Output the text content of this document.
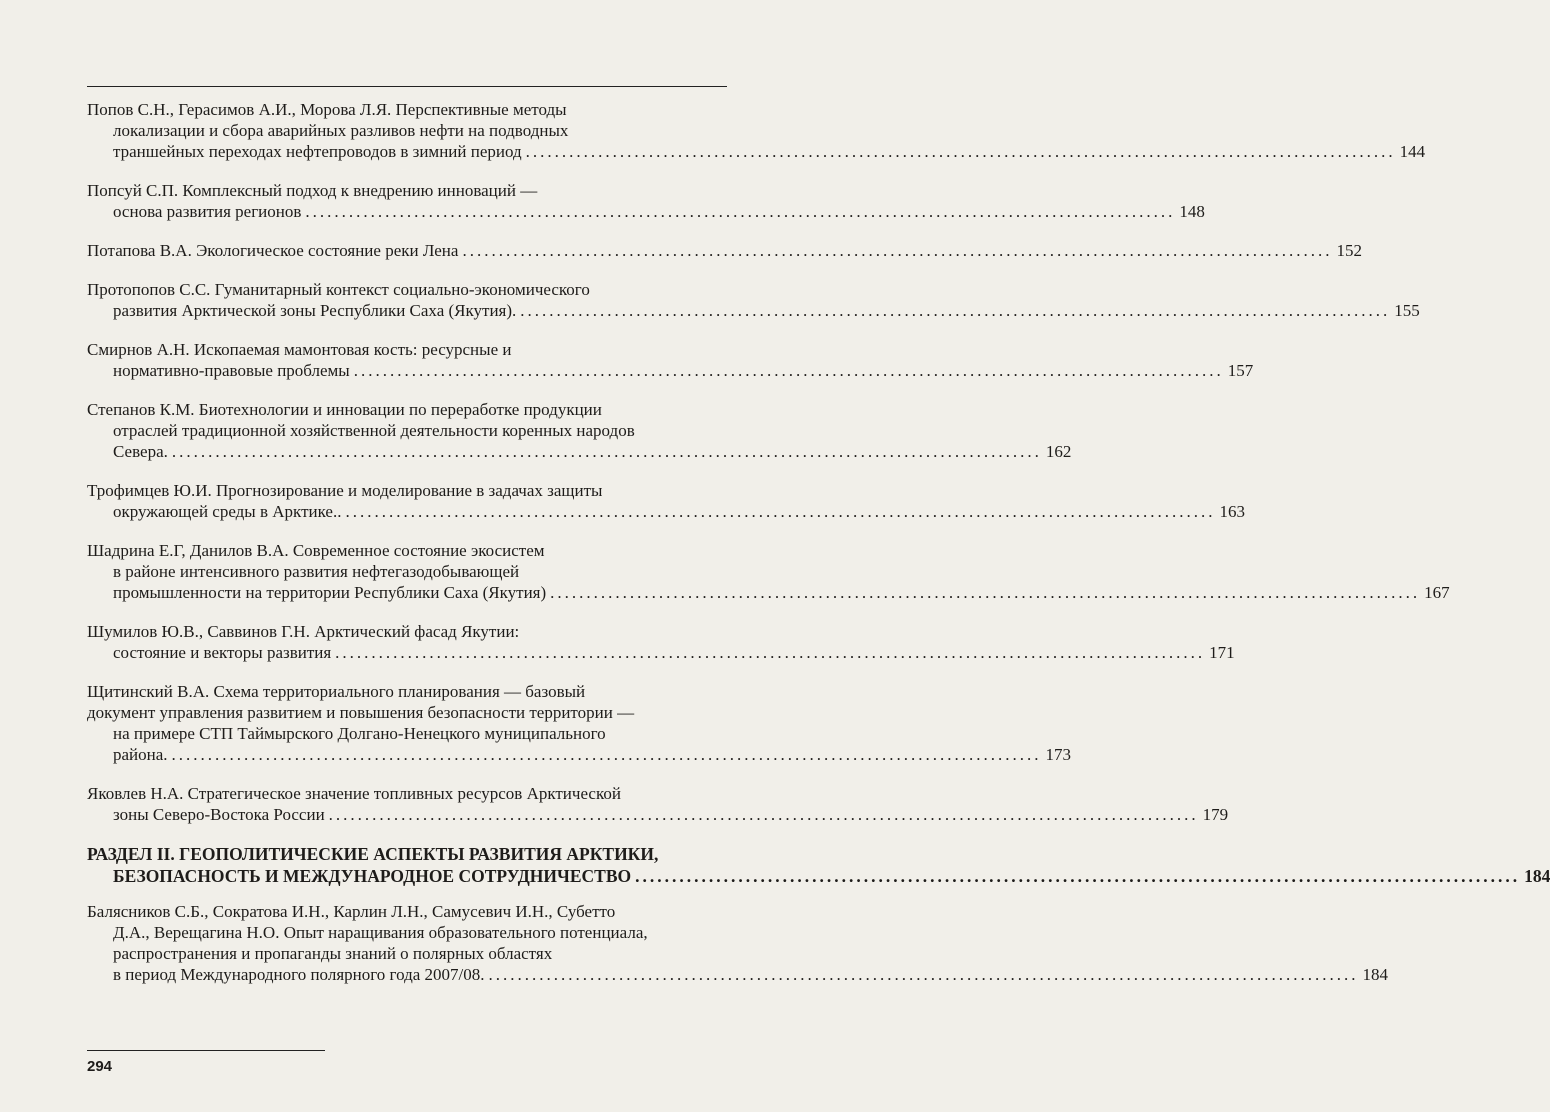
Попов С.Н., Герасимов А.И., Морова Л.Я. Перспективные методы
локализации и сбора аварийных разливов нефти на подводных
траншейных переходах нефтепроводов в зимний период ........................................................................................................................ 144
Попсуй С.П. Комплексный подход к внедрению инноваций —
основа развития регионов ........................................................................................................................ 148
Потапова В.А. Экологическое состояние реки Лена ........................................................................................................................ 152
Протопопов С.С. Гуманитарный контекст социально-экономического
развития Арктической зоны Республики Саха (Якутия). ........................................................................................................................ 155
Смирнов А.Н. Ископаемая мамонтовая кость: ресурсные и
нормативно-правовые проблемы ........................................................................................................................ 157
Степанов К.М. Биотехнологии и инновации по переработке продукции
отраслей традиционной хозяйственной деятельности коренных народов
Севера. ........................................................................................................................ 162
Трофимцев Ю.И. Прогнозирование и моделирование в задачах защиты
окружающей среды в Арктике.. ........................................................................................................................ 163
Шадрина Е.Г, Данилов В.А. Современное состояние экосистем
в районе интенсивного развития нефтегазодобывающей
промышленности на территории Республики Саха (Якутия) ........................................................................................................................ 167
Шумилов Ю.В., Саввинов Г.Н. Арктический фасад Якутии:
состояние и векторы развития ........................................................................................................................ 171
Щитинский В.А. Схема территориального планирования — базовый
документ управления развитием и повышения безопасности территории —
на примере СТП Таймырского Долгано-Ненецкого муниципального
района. ........................................................................................................................ 173
Яковлев Н.А. Стратегическое значение топливных ресурсов Арктической
зоны Северо-Востока России ........................................................................................................................ 179
РАЗДЕЛ II. ГЕОПОЛИТИЧЕСКИЕ АСПЕКТЫ РАЗВИТИЯ АРКТИКИ,
БЕЗОПАСНОСТЬ И МЕЖДУНАРОДНОЕ СОТРУДНИЧЕСТВО ........................................................................................................................ 184
Балясников С.Б., Сократова И.Н., Карлин Л.Н., Самусевич И.Н., Субетто
Д.А., Верещагина Н.О. Опыт наращивания образовательного потенциала,
распространения и пропаганды знаний о полярных областях
в период Международного полярного года 2007/08. ........................................................................................................................ 184
294
